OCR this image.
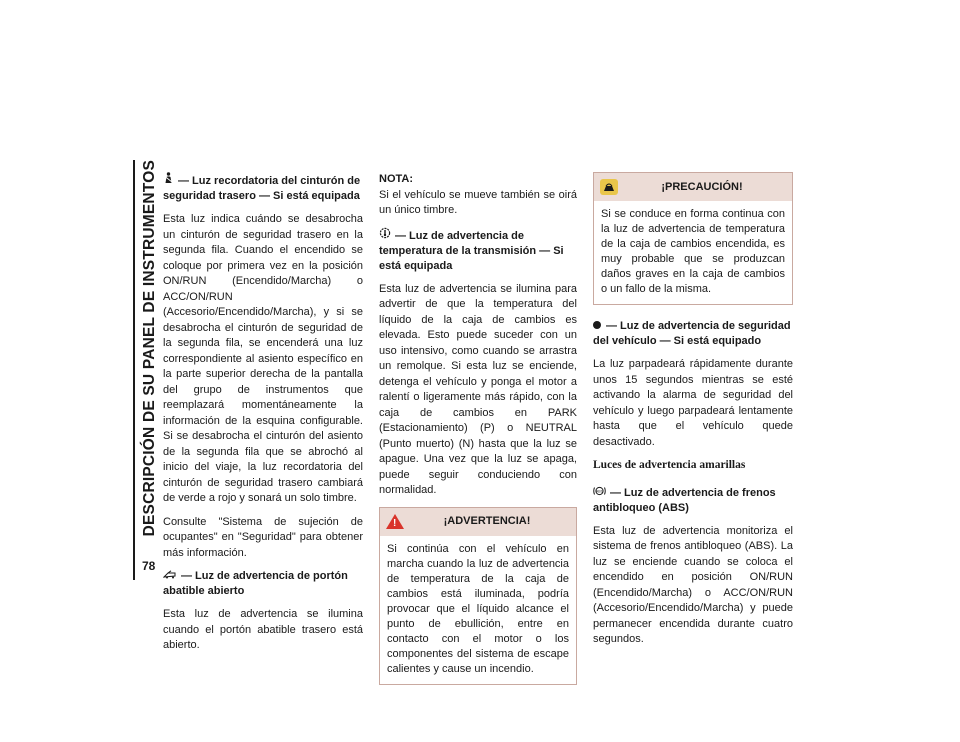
DESCRIPCIÓN DE SU PANEL DE INSTRUMENTOS
78
— Luz recordatoria del cinturón de seguridad trasero — Si está equipada

Esta luz indica cuándo se desabrocha un cinturón de seguridad trasero en la segunda fila. Cuando el encendido se coloque por primera vez en la posición ON/RUN (Encendido/Marcha) o ACC/ON/RUN (Accesorio/Encendido/Marcha), y si se desabrocha el cinturón de seguridad de la segunda fila, se encenderá una luz correspondiente al asiento específico en la parte superior derecha de la pantalla del grupo de instrumentos que reemplazará momentáneamente la información de la esquina configurable. Si se desabrocha el cinturón del asiento de la segunda fila que se abrochó al inicio del viaje, la luz recordatoria del cinturón de seguridad trasero cambiará de verde a rojo y sonará un solo timbre.

Consulte "Sistema de sujeción de ocupantes" en "Seguridad" para obtener más información.

— Luz de advertencia de portón abatible abierto

Esta luz de advertencia se ilumina cuando el portón abatible trasero está abierto.

NOTA:
Si el vehículo se mueve también se oirá un único timbre.

— Luz de advertencia de temperatura de la transmisión — Si está equipada

Esta luz de advertencia se ilumina para advertir de que la temperatura del líquido de la caja de cambios es elevada. Esto puede suceder con un uso intensivo, como cuando se arrastra un remolque. Si esta luz se enciende, detenga el vehículo y ponga el motor a ralentí o ligeramente más rápido, con la caja de cambios en PARK (Estacionamiento) (P) o NEUTRAL (Punto muerto) (N) hasta que la luz se apague. Una vez que la luz se apaga, puede seguir conduciendo con normalidad.

!
¡ADVERTENCIA!
Si continúa con el vehículo en marcha cuando la luz de advertencia de temperatura de la caja de cambios está iluminada, podría provocar que el líquido alcance el punto de ebullición, entre en contacto con el motor o los componentes del sistema de escape calientes y cause un incendio.
¡PRECAUCIÓN!
Si se conduce en forma continua con la luz de advertencia de temperatura de la caja de cambios encendida, es muy probable que se produzcan daños graves en la caja de cambios o un fallo de la misma.
— Luz de advertencia de seguridad del vehículo — Si está equipado

La luz parpadeará rápidamente durante unos 15 segundos mientras se esté activando la alarma de seguridad del vehículo y luego parpadeará lentamente hasta que el vehículo quede desactivado.

Luces de advertencia amarillas
ABS — Luz de advertencia de frenos antibloqueo (ABS)

Esta luz de advertencia monitoriza el sistema de frenos antibloqueo (ABS). La luz se enciende cuando se coloca el encendido en posición ON/RUN (Encendido/Marcha) o ACC/ON/RUN (Accesorio/Encendido/Marcha) y puede permanecer encendida durante cuatro segundos.
